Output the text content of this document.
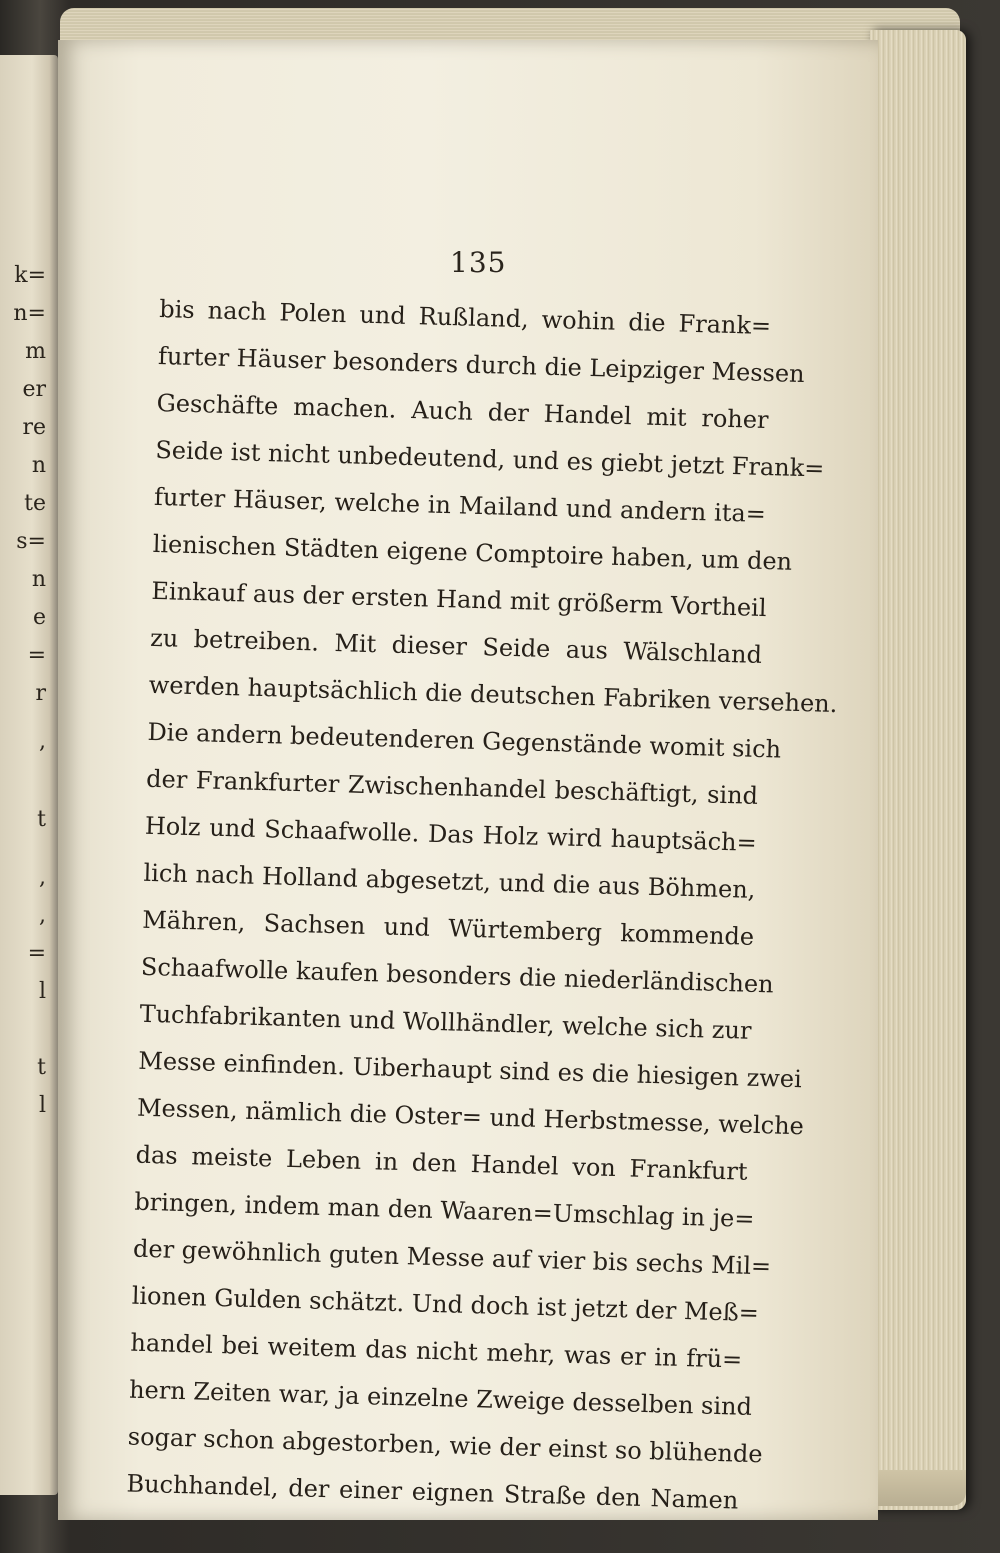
k=
n=
m
er
re
n
te
s=
n
e
=
r
,
t
,
,
=
l
t
l
135
bis nach Polen und Rußland, wohin die Frank=
furter Häuser besonders durch die Leipziger Messen
Geschäfte machen. Auch der Handel mit roher
Seide ist nicht unbedeutend, und es giebt jetzt Frank=
furter Häuser, welche in Mailand und andern ita=
lienischen Städten eigene Comptoire haben, um den
Einkauf aus der ersten Hand mit größerm Vortheil
zu betreiben. Mit dieser Seide aus Wälschland
werden hauptsächlich die deutschen Fabriken versehen.
Die andern bedeutenderen Gegenstände womit sich
der Frankfurter Zwischenhandel beschäftigt, sind
Holz und Schaafwolle. Das Holz wird hauptsäch=
lich nach Holland abgesetzt, und die aus Böhmen,
Mähren, Sachsen und Würtemberg kommende
Schaafwolle kaufen besonders die niederländischen
Tuchfabrikanten und Wollhändler, welche sich zur
Messe einfinden. Uiberhaupt sind es die hiesigen zwei
Messen, nämlich die Oster= und Herbstmesse, welche
das meiste Leben in den Handel von Frankfurt
bringen, indem man den Waaren=Umschlag in je=
der gewöhnlich guten Messe auf vier bis sechs Mil=
lionen Gulden schätzt. Und doch ist jetzt der Meß=
handel bei weitem das nicht mehr, was er in frü=
hern Zeiten war, ja einzelne Zweige desselben sind
sogar schon abgestorben, wie der einst so blühende
Buchhandel, der einer eignen Straße den Namen
